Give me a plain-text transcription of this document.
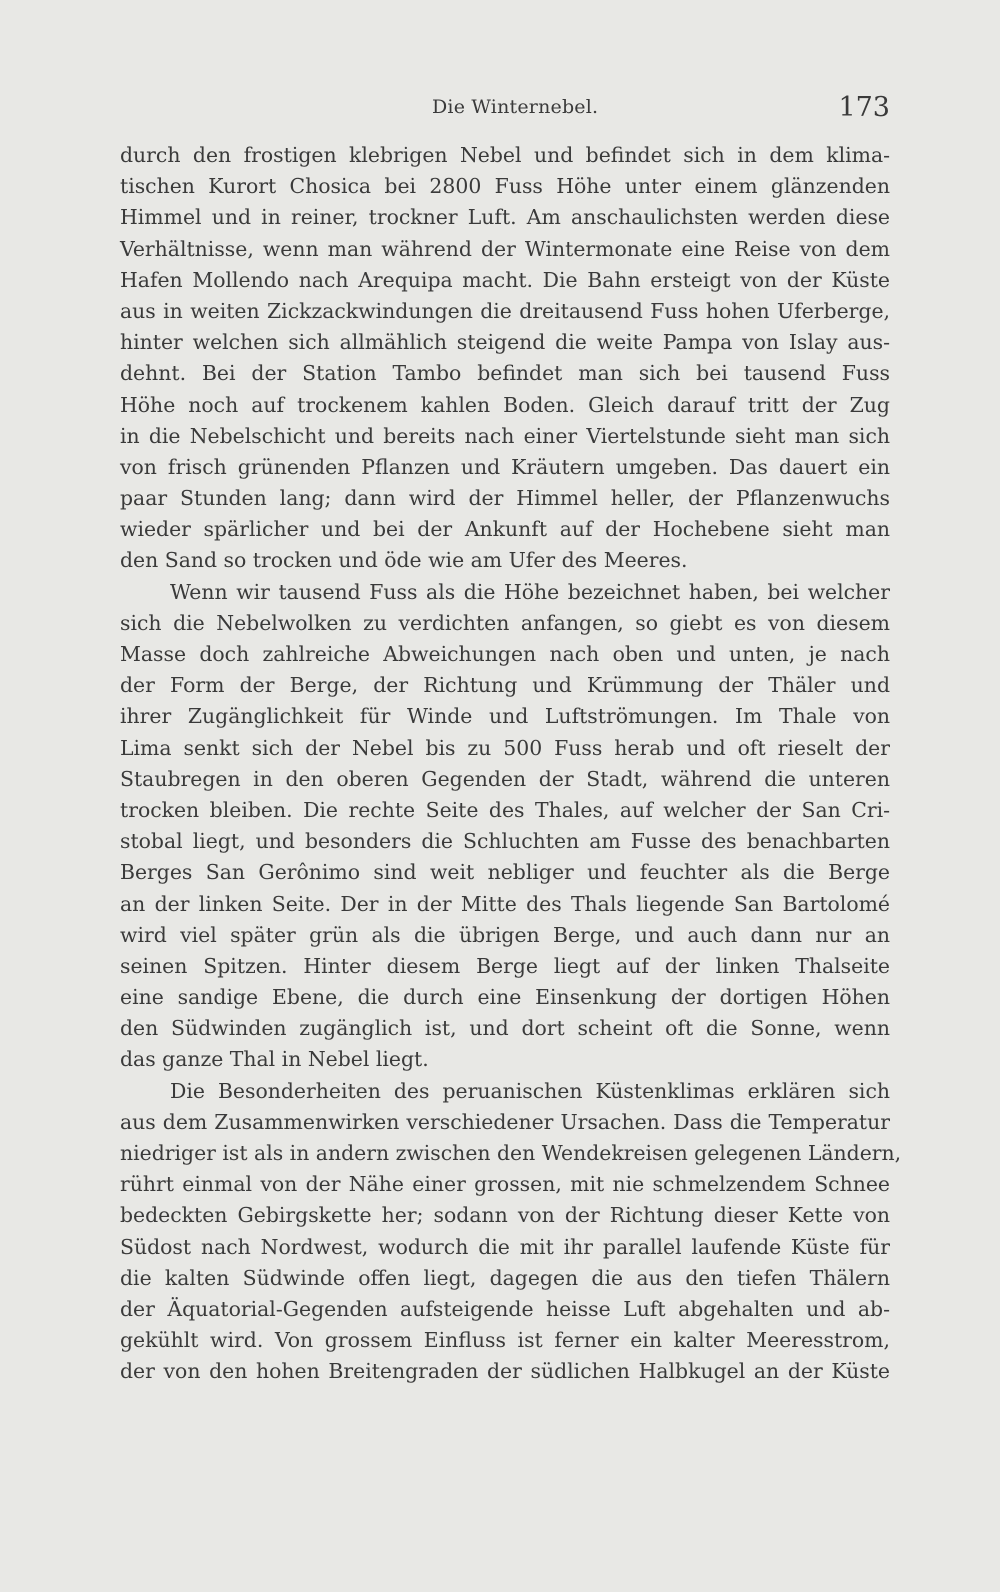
Die Winternebel.	173
durch den frostigen klebrigen Nebel und befindet sich in dem klima-
tischen Kurort Chosica bei 2800 Fuss Höhe unter einem glänzenden
Himmel und in reiner, trockner Luft. Am anschaulichsten werden diese
Verhältnisse, wenn man während der Wintermonate eine Reise von dem
Hafen Mollendo nach Arequipa macht. Die Bahn ersteigt von der Küste
aus in weiten Zickzackwindungen die dreitausend Fuss hohen Uferberge,
hinter welchen sich allmählich steigend die weite Pampa von Islay aus-
dehnt. Bei der Station Tambo befindet man sich bei tausend Fuss
Höhe noch auf trockenem kahlen Boden. Gleich darauf tritt der Zug
in die Nebelschicht und bereits nach einer Viertelstunde sieht man sich
von frisch grünenden Pflanzen und Kräutern umgeben. Das dauert ein
paar Stunden lang; dann wird der Himmel heller, der Pflanzenwuchs
wieder spärlicher und bei der Ankunft auf der Hochebene sieht man
den Sand so trocken und öde wie am Ufer des Meeres.
Wenn wir tausend Fuss als die Höhe bezeichnet haben, bei welcher
sich die Nebelwolken zu verdichten anfangen, so giebt es von diesem
Masse doch zahlreiche Abweichungen nach oben und unten, je nach
der Form der Berge, der Richtung und Krümmung der Thäler und
ihrer Zugänglichkeit für Winde und Luftströmungen. Im Thale von
Lima senkt sich der Nebel bis zu 500 Fuss herab und oft rieselt der
Staubregen in den oberen Gegenden der Stadt, während die unteren
trocken bleiben. Die rechte Seite des Thales, auf welcher der San Cri-
stobal liegt, und besonders die Schluchten am Fusse des benachbarten
Berges San Gerônimo sind weit nebliger und feuchter als die Berge
an der linken Seite. Der in der Mitte des Thals liegende San Bartolomé
wird viel später grün als die übrigen Berge, und auch dann nur an
seinen Spitzen. Hinter diesem Berge liegt auf der linken Thalseite
eine sandige Ebene, die durch eine Einsenkung der dortigen Höhen
den Südwinden zugänglich ist, und dort scheint oft die Sonne, wenn
das ganze Thal in Nebel liegt.
Die Besonderheiten des peruanischen Küstenklimas erklären sich
aus dem Zusammenwirken verschiedener Ursachen. Dass die Temperatur
niedriger ist als in andern zwischen den Wendekreisen gelegenen Ländern,
rührt einmal von der Nähe einer grossen, mit nie schmelzendem Schnee
bedeckten Gebirgskette her; sodann von der Richtung dieser Kette von
Südost nach Nordwest, wodurch die mit ihr parallel laufende Küste für
die kalten Südwinde offen liegt, dagegen die aus den tiefen Thälern
der Äquatorial-Gegenden aufsteigende heisse Luft abgehalten und ab-
gekühlt wird. Von grossem Einfluss ist ferner ein kalter Meeresstrom,
der von den hohen Breitengraden der südlichen Halbkugel an der Küste
